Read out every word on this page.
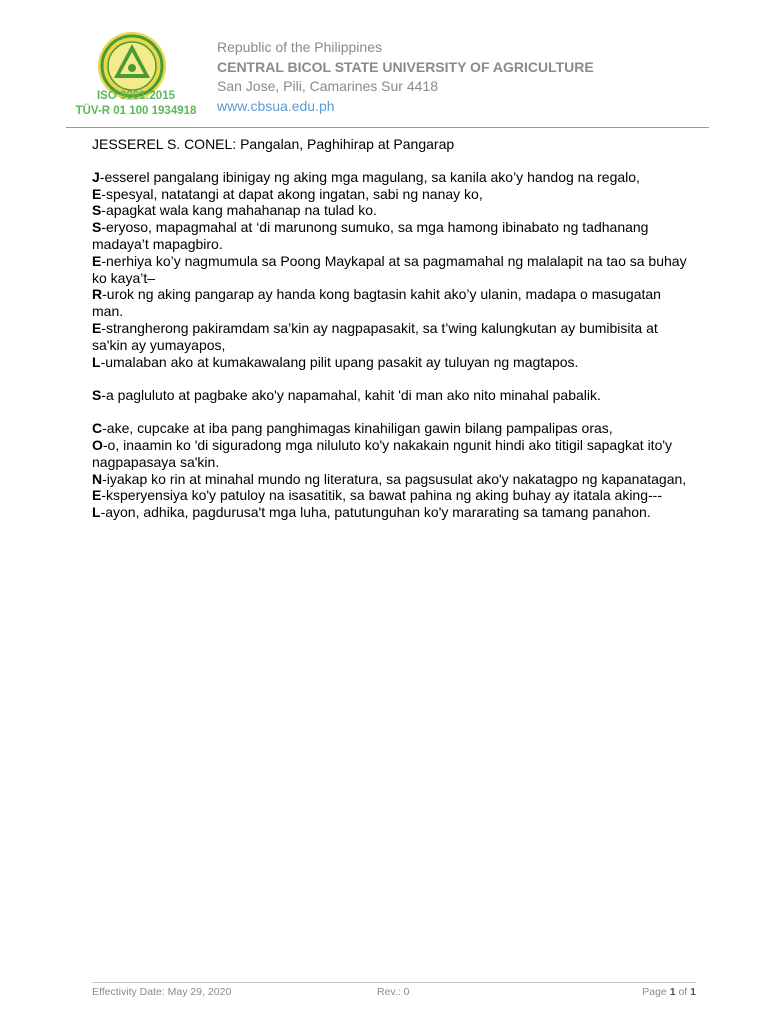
ISO 9001:2015
TÜV-R 01 100 1934918
Republic of the Philippines
CENTRAL BICOL STATE UNIVERSITY OF AGRICULTURE
San Jose, Pili, Camarines Sur 4418
www.cbsua.edu.ph

JESSEREL S. CONEL: Pangalan, Paghihirap at Pangarap

J-esserel pangalang ibinigay ng aking mga magulang, sa kanila ako’y handog na regalo,

E-spesyal, natatangi at dapat akong ingatan, sabi ng nanay ko,

S-apagkat wala kang mahahanap na tulad ko.

S-eryoso, mapagmahal at ‘di marunong sumuko, sa mga hamong ibinabato ng tadhanang madaya’t mapagbiro.

E-nerhiya ko’y nagmumula sa Poong Maykapal at sa pagmamahal ng malalapit na tao sa buhay ko kaya’t–

R-urok ng aking pangarap ay handa kong bagtasin kahit ako’y ulanin, madapa o masugatan man.

E-strangherong pakiramdam sa’kin ay nagpapasakit, sa t’wing kalungkutan ay bumibisita at sa'kin ay yumayapos,

L-umalaban ako at kumakawalang pilit upang pasakit ay tuluyan ng magtapos.

S-a pagluluto at pagbake ako'y napamahal, kahit 'di man ako nito minahal pabalik.

C-ake, cupcake at iba pang panghimagas kinahiligan gawin bilang pampalipas oras,

O-o, inaamin ko 'di siguradong mga niluluto ko'y nakakain ngunit hindi ako titigil sapagkat ito'y nagpapasaya sa'kin.

N-iyakap ko rin at minahal mundo ng literatura, sa pagsusulat ako'y nakatagpo ng kapanatagan,

E-ksperyensiya ko'y patuloy na isasatitik, sa bawat pahina ng aking buhay ay itatala aking---

L-ayon, adhika, pagdurusa't mga luha, patutunguhan ko'y mararating sa tamang panahon.

Effectivity Date: May 29, 2020	Rev.: 0	Page 1 of 1
